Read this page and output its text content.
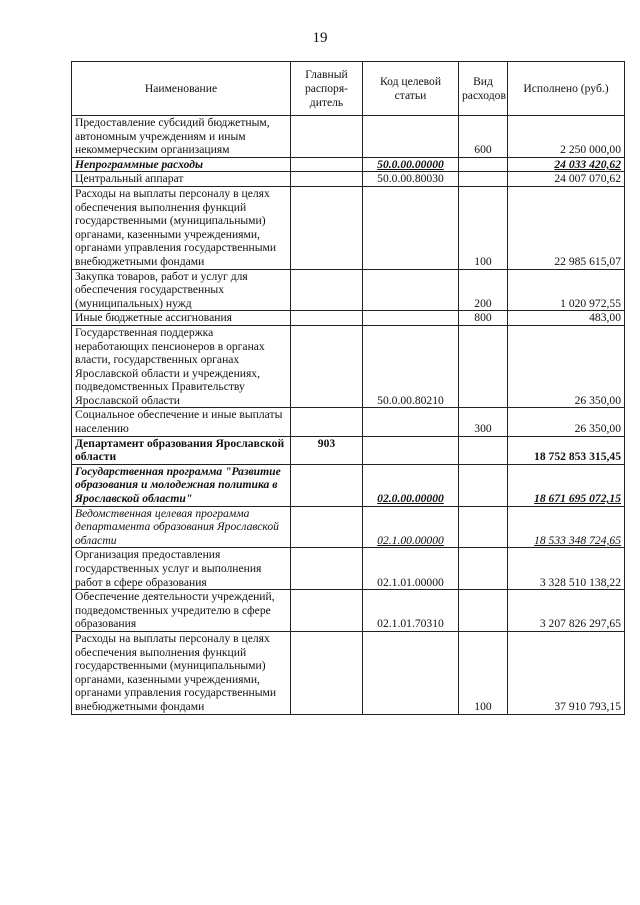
19
Наименование	Главный распоря-дитель	Код целевой статьи	Вид расходов	Исполнено (руб.)
Предоставление субсидий бюджетным, автономным учреждениям и иным некоммерческим организациям			600	2 250 000,00
Непрограммные расходы		50.0.00.00000		24 033 420,62
Центральный аппарат		50.0.00.80030		24 007 070,62
Расходы на выплаты персоналу в целях обеспечения выполнения функций государственными (муниципальными) органами, казенными учреждениями, органами управления государственными внебюджетными фондами			100	22 985 615,07
Закупка товаров, работ и услуг для обеспечения государственных (муниципальных) нужд			200	1 020 972,55
Иные бюджетные ассигнования			800	483,00
Государственная поддержка неработающих пенсионеров в органах власти, государственных органах Ярославской области и учреждениях, подведомственных Правительству Ярославской области		50.0.00.80210		26 350,00
Социальное обеспечение и иные выплаты населению			300	26 350,00
Департамент образования Ярославской области	903			18 752 853 315,45
Государственная программа "Развитие образования и молодежная политика в Ярославской области"		02.0.00.00000		18 671 695 072,15
Ведомственная целевая программа департамента образования Ярославской области		02.1.00.00000		18 533 348 724,65
Организация предоставления государственных услуг и выполнения работ в сфере образования		02.1.01.00000		3 328 510 138,22
Обеспечение деятельности учреждений, подведомственных учредителю в сфере образования		02.1.01.70310		3 207 826 297,65
Расходы на выплаты персоналу в целях обеспечения выполнения функций государственными (муниципальными) органами, казенными учреждениями, органами управления государственными внебюджетными фондами			100	37 910 793,15
